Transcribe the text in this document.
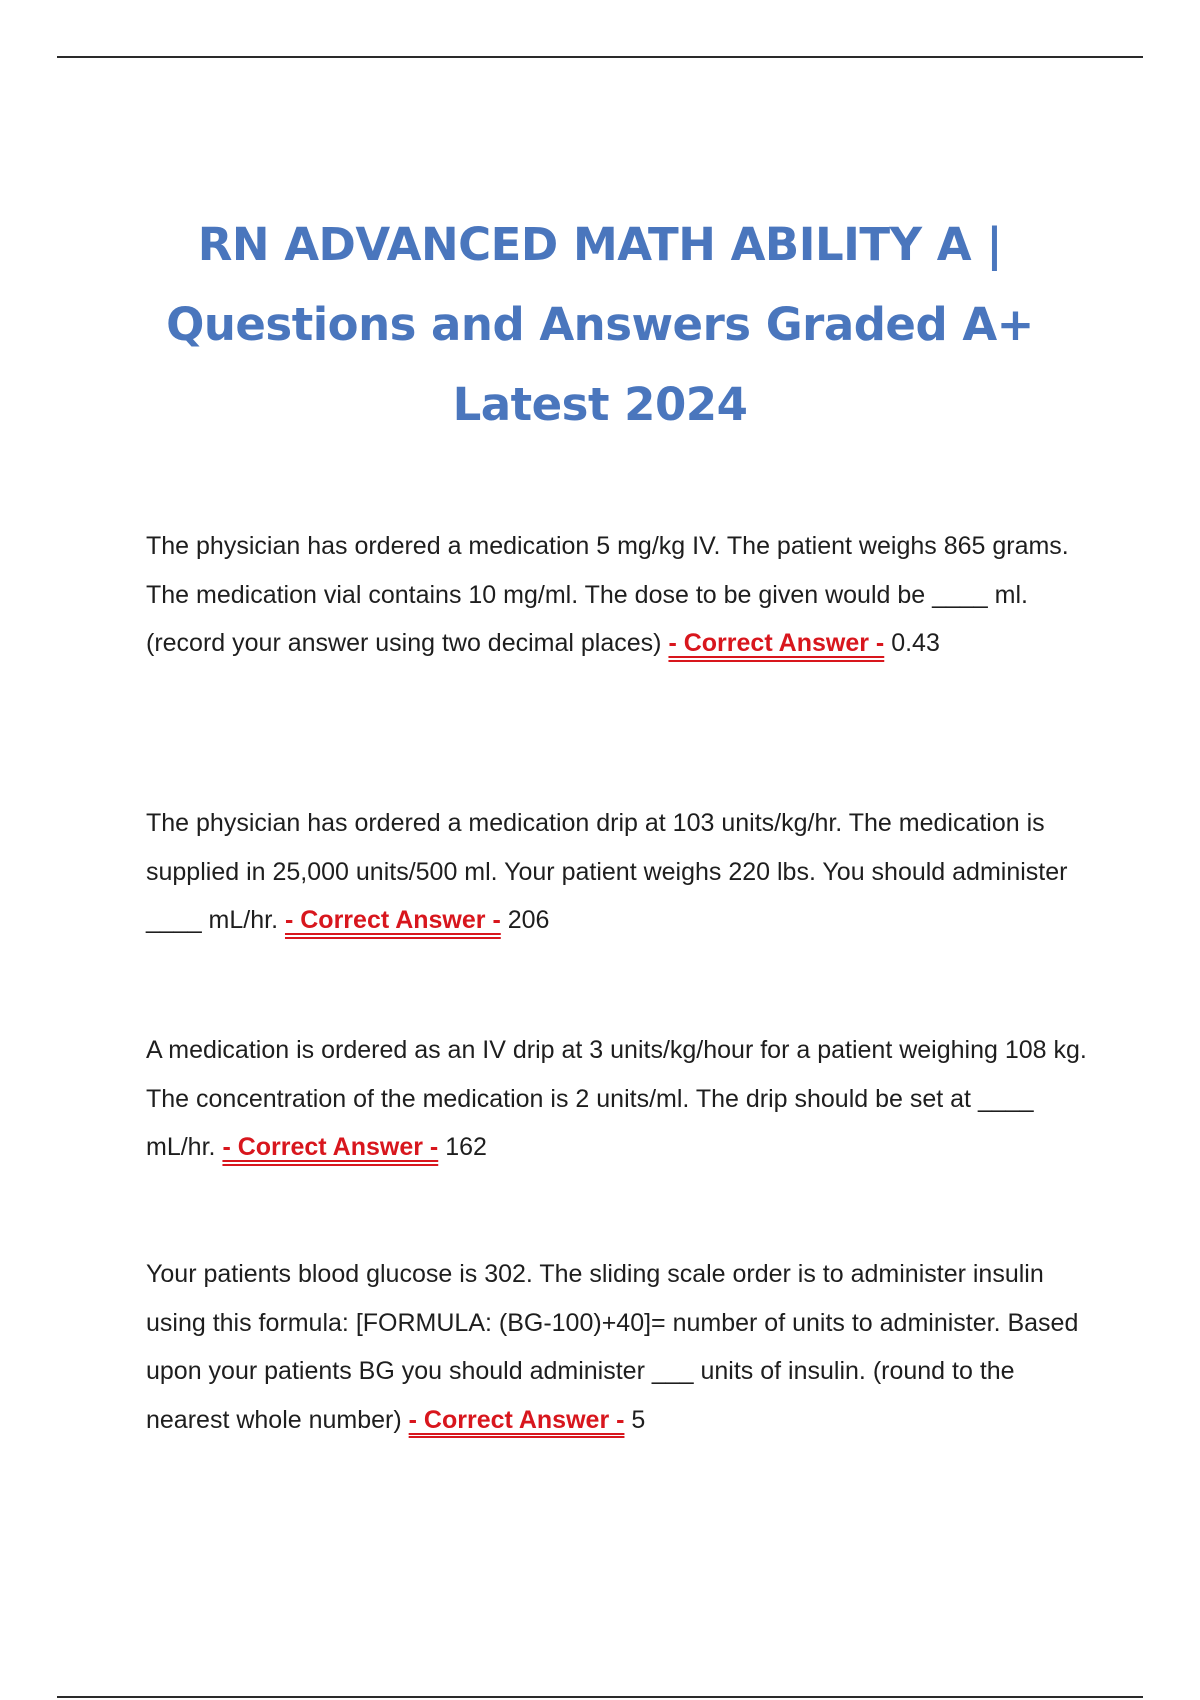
RN ADVANCED MATH ABILITY A |
Questions and Answers Graded A+
Latest 2024

The physician has ordered a medication 5 mg/kg IV. The patient weighs 865 grams. The medication vial contains 10 mg/ml. The dose to be given would be ____ ml. (record your answer using two decimal places) - Correct Answer - 0.43

The physician has ordered a medication drip at 103 units/kg/hr. The medication is supplied in 25,000 units/500 ml. Your patient weighs 220 lbs. You should administer ____ mL/hr. - Correct Answer - 206

A medication is ordered as an IV drip at 3 units/kg/hour for a patient weighing 108 kg. The concentration of the medication is 2 units/ml. The drip should be set at ____ mL/hr. - Correct Answer - 162

Your patients blood glucose is 302. The sliding scale order is to administer insulin using this formula: [FORMULA: (BG-100)+40]= number of units to administer. Based upon your patients BG you should administer ___ units of insulin. (round to the nearest whole number) - Correct Answer - 5
